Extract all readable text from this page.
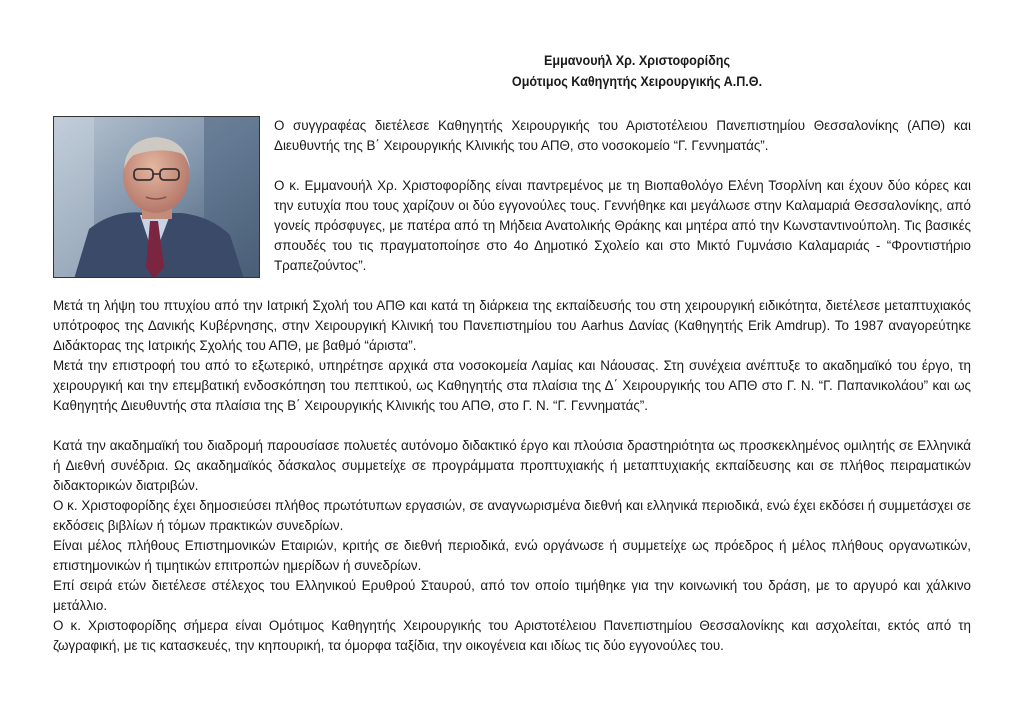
Εμμανουήλ Χρ. Χριστοφορίδης
Ομότιμος Καθηγητής Χειρουργικής Α.Π.Θ.

Ο συγγραφέας διετέλεσε Καθηγητής Χειρουργικής του Αριστοτέλειου Πανεπιστημίου Θεσσαλονίκης (ΑΠΘ) και Διευθυντής της Β΄ Χειρουργικής Κλινικής του ΑΠΘ, στο νοσοκομείο “Γ. Γεννηματάς”.

Ο κ. Εμμανουήλ Χρ. Χριστοφορίδης είναι παντρεμένος με τη Βιοπαθολόγο Ελένη Τσορλίνη και έχουν δύο κόρες και την ευτυχία που τους χαρίζουν οι δύο εγγονούλες τους. Γεννήθηκε και μεγάλωσε στην Καλαμαριά Θεσσαλονίκης, από γονείς πρόσφυγες, με πατέρα από τη Μήδεια Ανατολικής Θράκης και μητέρα από την Κωνσταντινούπολη. Τις βασικές σπουδές του τις πραγματοποίησε στο 4ο Δημοτικό Σχολείο και στο Μικτό Γυμνάσιο Καλαμαριάς - “Φροντιστήριο Τραπεζούντος”.

Μετά τη λήψη του πτυχίου από την Ιατρική Σχολή του ΑΠΘ και κατά τη διάρκεια της εκπαίδευσής του στη χειρουργική ειδικότητα, διετέλεσε μεταπτυχιακός υπότροφος της Δανικής Κυβέρνησης, στην Χειρουργική Κλινική του Πανεπιστημίου του Aarhus Δανίας (Καθηγητής Erik Amdrup). Το 1987 αναγορεύτηκε Διδάκτορας της Ιατρικής Σχολής του ΑΠΘ, με βαθμό “άριστα”.

Μετά την επιστροφή του από το εξωτερικό, υπηρέτησε αρχικά στα νοσοκομεία Λαμίας και Νάουσας. Στη συνέχεια ανέπτυξε το ακαδημαϊκό του έργο, τη χειρουργική και την επεμβατική ενδοσκόπηση του πεπτικού, ως Καθηγητής στα πλαίσια της Δ΄ Χειρουργικής του ΑΠΘ στο Γ. Ν. “Γ. Παπανικολάου” και ως Καθηγητής Διευθυντής στα πλαίσια της Β΄ Χειρουργικής Κλινικής του ΑΠΘ, στο Γ. Ν. “Γ. Γεννηματάς”.

Κατά την ακαδημαϊκή του διαδρομή παρουσίασε πολυετές αυτόνομο διδακτικό έργο και πλούσια δραστηριότητα ως προσκεκλημένος ομιλητής σε Ελληνικά ή Διεθνή συνέδρια. Ως ακαδημαϊκός δάσκαλος συμμετείχε σε προγράμματα προπτυχιακής ή μεταπτυχιακής εκπαίδευσης και σε πλήθος πειραματικών διδακτορικών διατριβών.

Ο κ. Χριστοφορίδης έχει δημοσιεύσει πλήθος πρωτότυπων εργασιών, σε αναγνωρισμένα διεθνή και ελληνικά περιοδικά, ενώ έχει εκδόσει ή συμμετάσχει σε εκδόσεις βιβλίων ή τόμων πρακτικών συνεδρίων.

Είναι μέλος πλήθους Επιστημονικών Εταιριών, κριτής σε διεθνή περιοδικά, ενώ οργάνωσε ή συμμετείχε ως πρόεδρος ή μέλος πλήθους οργανωτικών, επιστημονικών ή τιμητικών επιτροπών ημερίδων ή συνεδρίων.

Επί σειρά ετών διετέλεσε στέλεχος του Ελληνικού Ερυθρού Σταυρού, από τον οποίο τιμήθηκε για την κοινωνική του δράση, με το αργυρό και χάλκινο μετάλλιο.

Ο κ. Χριστοφορίδης σήμερα είναι Ομότιμος Καθηγητής Χειρουργικής του Αριστοτέλειου Πανεπιστημίου Θεσσαλονίκης και ασχολείται, εκτός από τη ζωγραφική, με τις κατασκευές, την κηπουρική, τα όμορφα ταξίδια, την οικογένεια και ιδίως τις δύο εγγονούλες του.
